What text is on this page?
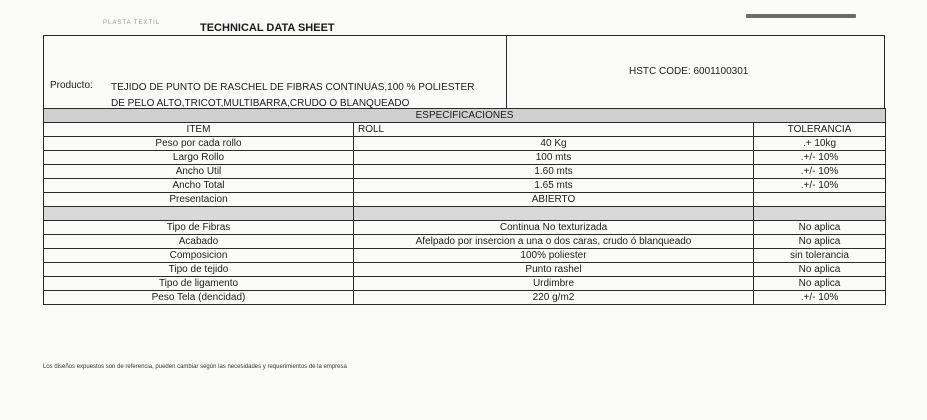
PLASTA TEXTIL	TECHNICAL DATA SHEET
Producto: TEJIDO DE PUNTO DE RASCHEL DE FIBRAS CONTINUAS,100 % POLIESTER
DE PELO ALTO,TRICOT,MULTIBARRA,CRUDO O BLANQUEADO
HSTC CODE: 6001100301
ESPECIFICACIONES		
ITEM	ROLL	TOLERANCIA
Peso por cada rollo	40 Kg	.+ 10kg
Largo Rollo	100 mts	.+/- 10%
Ancho Util	1.60 mts	.+/- 10%
Ancho Total	1.65 mts	.+/- 10%
Presentacion	ABIERTO	

Tipo de Fibras	Continua No texturizada	No aplica
Acabado	Afelpado por insercion a una o dos caras, crudo ó blanqueado	No aplica
Composicion	100% poliester	sin tolerancia
Tipo de tejido	Punto rashel	No aplica
Tipo de ligamento	Urdimbre	No aplica
Peso Tela (dencidad)	220 g/m2	.+/- 10%
Los diseños expuestos son de referencia, pueden cambiar según las necesidades y requerimientos de la empresa
